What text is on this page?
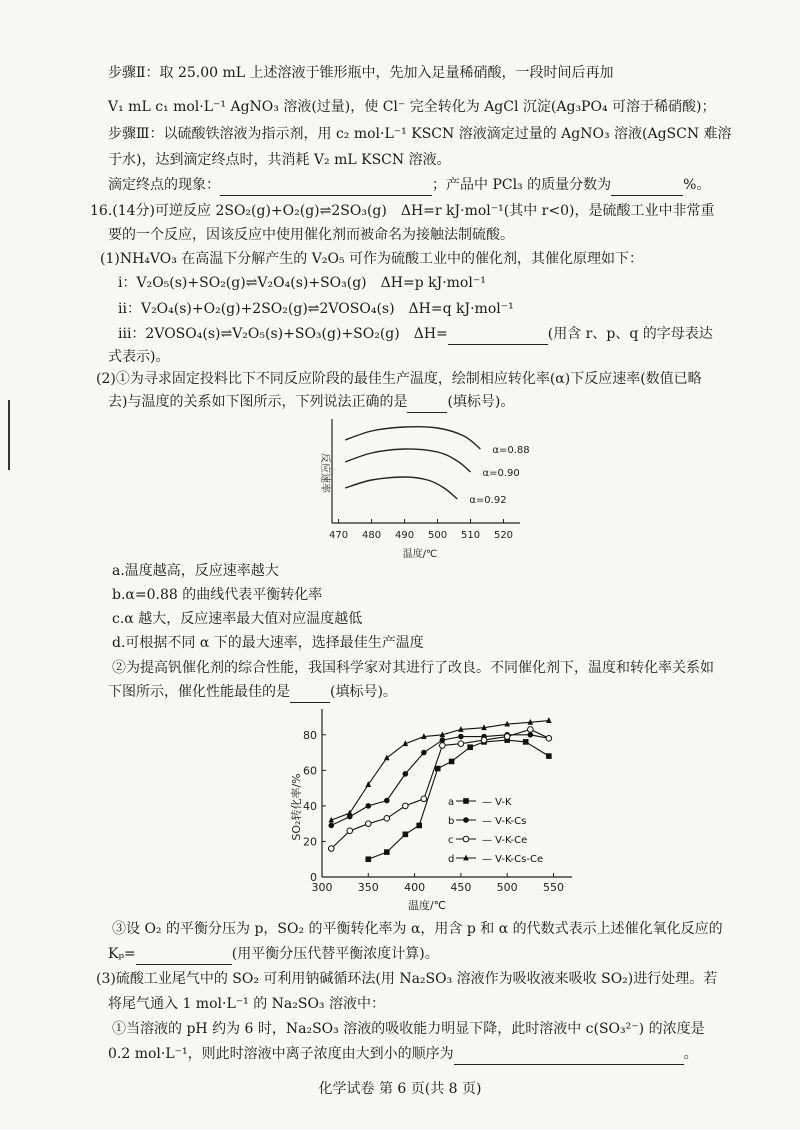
步骤Ⅱ：取 25.00 mL 上述溶液于锥形瓶中，先加入足量稀硝酸，一段时间后再加
V₁ mL c₁ mol·L⁻¹ AgNO₃ 溶液(过量)，使 Cl⁻ 完全转化为 AgCl 沉淀(Ag₃PO₄ 可溶于稀硝酸)；
步骤Ⅲ：以硫酸铁溶液为指示剂，用 c₂ mol·L⁻¹ KSCN 溶液滴定过量的 AgNO₃ 溶液(AgSCN 难溶
于水)，达到滴定终点时，共消耗 V₂ mL KSCN 溶液。
滴定终点的现象：	；产品中 PCl₃ 的质量分数为	%。
16.(14分)可逆反应 2SO₂(g)+O₂(g)⇌2SO₃(g)　ΔH=r kJ·mol⁻¹(其中 r<0)，是硫酸工业中非常重
要的一个反应，因该反应中使用催化剂而被命名为接触法制硫酸。
(1)NH₄VO₃ 在高温下分解产生的 V₂O₅ 可作为硫酸工业中的催化剂，其催化原理如下：
ⅰ：V₂O₅(s)+SO₂(g)⇌V₂O₄(s)+SO₃(g)　ΔH=p kJ·mol⁻¹
ⅱ：V₂O₄(s)+O₂(g)+2SO₂(g)⇌2VOSO₄(s)　ΔH=q kJ·mol⁻¹
ⅲ：2VOSO₄(s)⇌V₂O₅(s)+SO₃(g)+SO₂(g)　ΔH=	(用含 r、p、q 的字母表达
式表示)。
(2)①为寻求固定投料比下不同反应阶段的最佳生产温度，绘制相应转化率(α)下反应速率(数值已略
去)与温度的关系如下图所示，下列说法正确的是	(填标号)。
470 480 490 500 510 520
α=0.88
α=0.90
α=0.92
温度/℃
反应速率
a.温度越高，反应速率越大
b.α=0.88 的曲线代表平衡转化率
c.α 越大，反应速率最大值对应温度越低
d.可根据不同 α 下的最大速率，选择最佳生产温度
②为提高钒催化剂的综合性能，我国科学家对其进行了改良。不同催化剂下，温度和转化率关系如
下图所示，催化性能最佳的是	(填标号)。
300 350 400 450 500 550
0
20
40
60
80
a	— V-K
b	— V-K-Cs
c	— V-K-Ce
d	— V-K-Cs-Ce
温度/℃
SO₂转化率/%
③设 O₂ 的平衡分压为 p，SO₂ 的平衡转化率为 α，用含 p 和 α 的代数式表示上述催化氧化反应的
Kₚ=	(用平衡分压代替平衡浓度计算)。
(3)硫酸工业尾气中的 SO₂ 可利用钠碱循环法(用 Na₂SO₃ 溶液作为吸收液来吸收 SO₂)进行处理。若
将尾气通入 1 mol·L⁻¹ 的 Na₂SO₃ 溶液中：
①当溶液的 pH 约为 6 时，Na₂SO₃ 溶液的吸收能力明显下降，此时溶液中 c(SO₃²⁻) 的浓度是
0.2 mol·L⁻¹，则此时溶液中离子浓度由大到小的顺序为	。
化学试卷 第 6 页(共 8 页)
